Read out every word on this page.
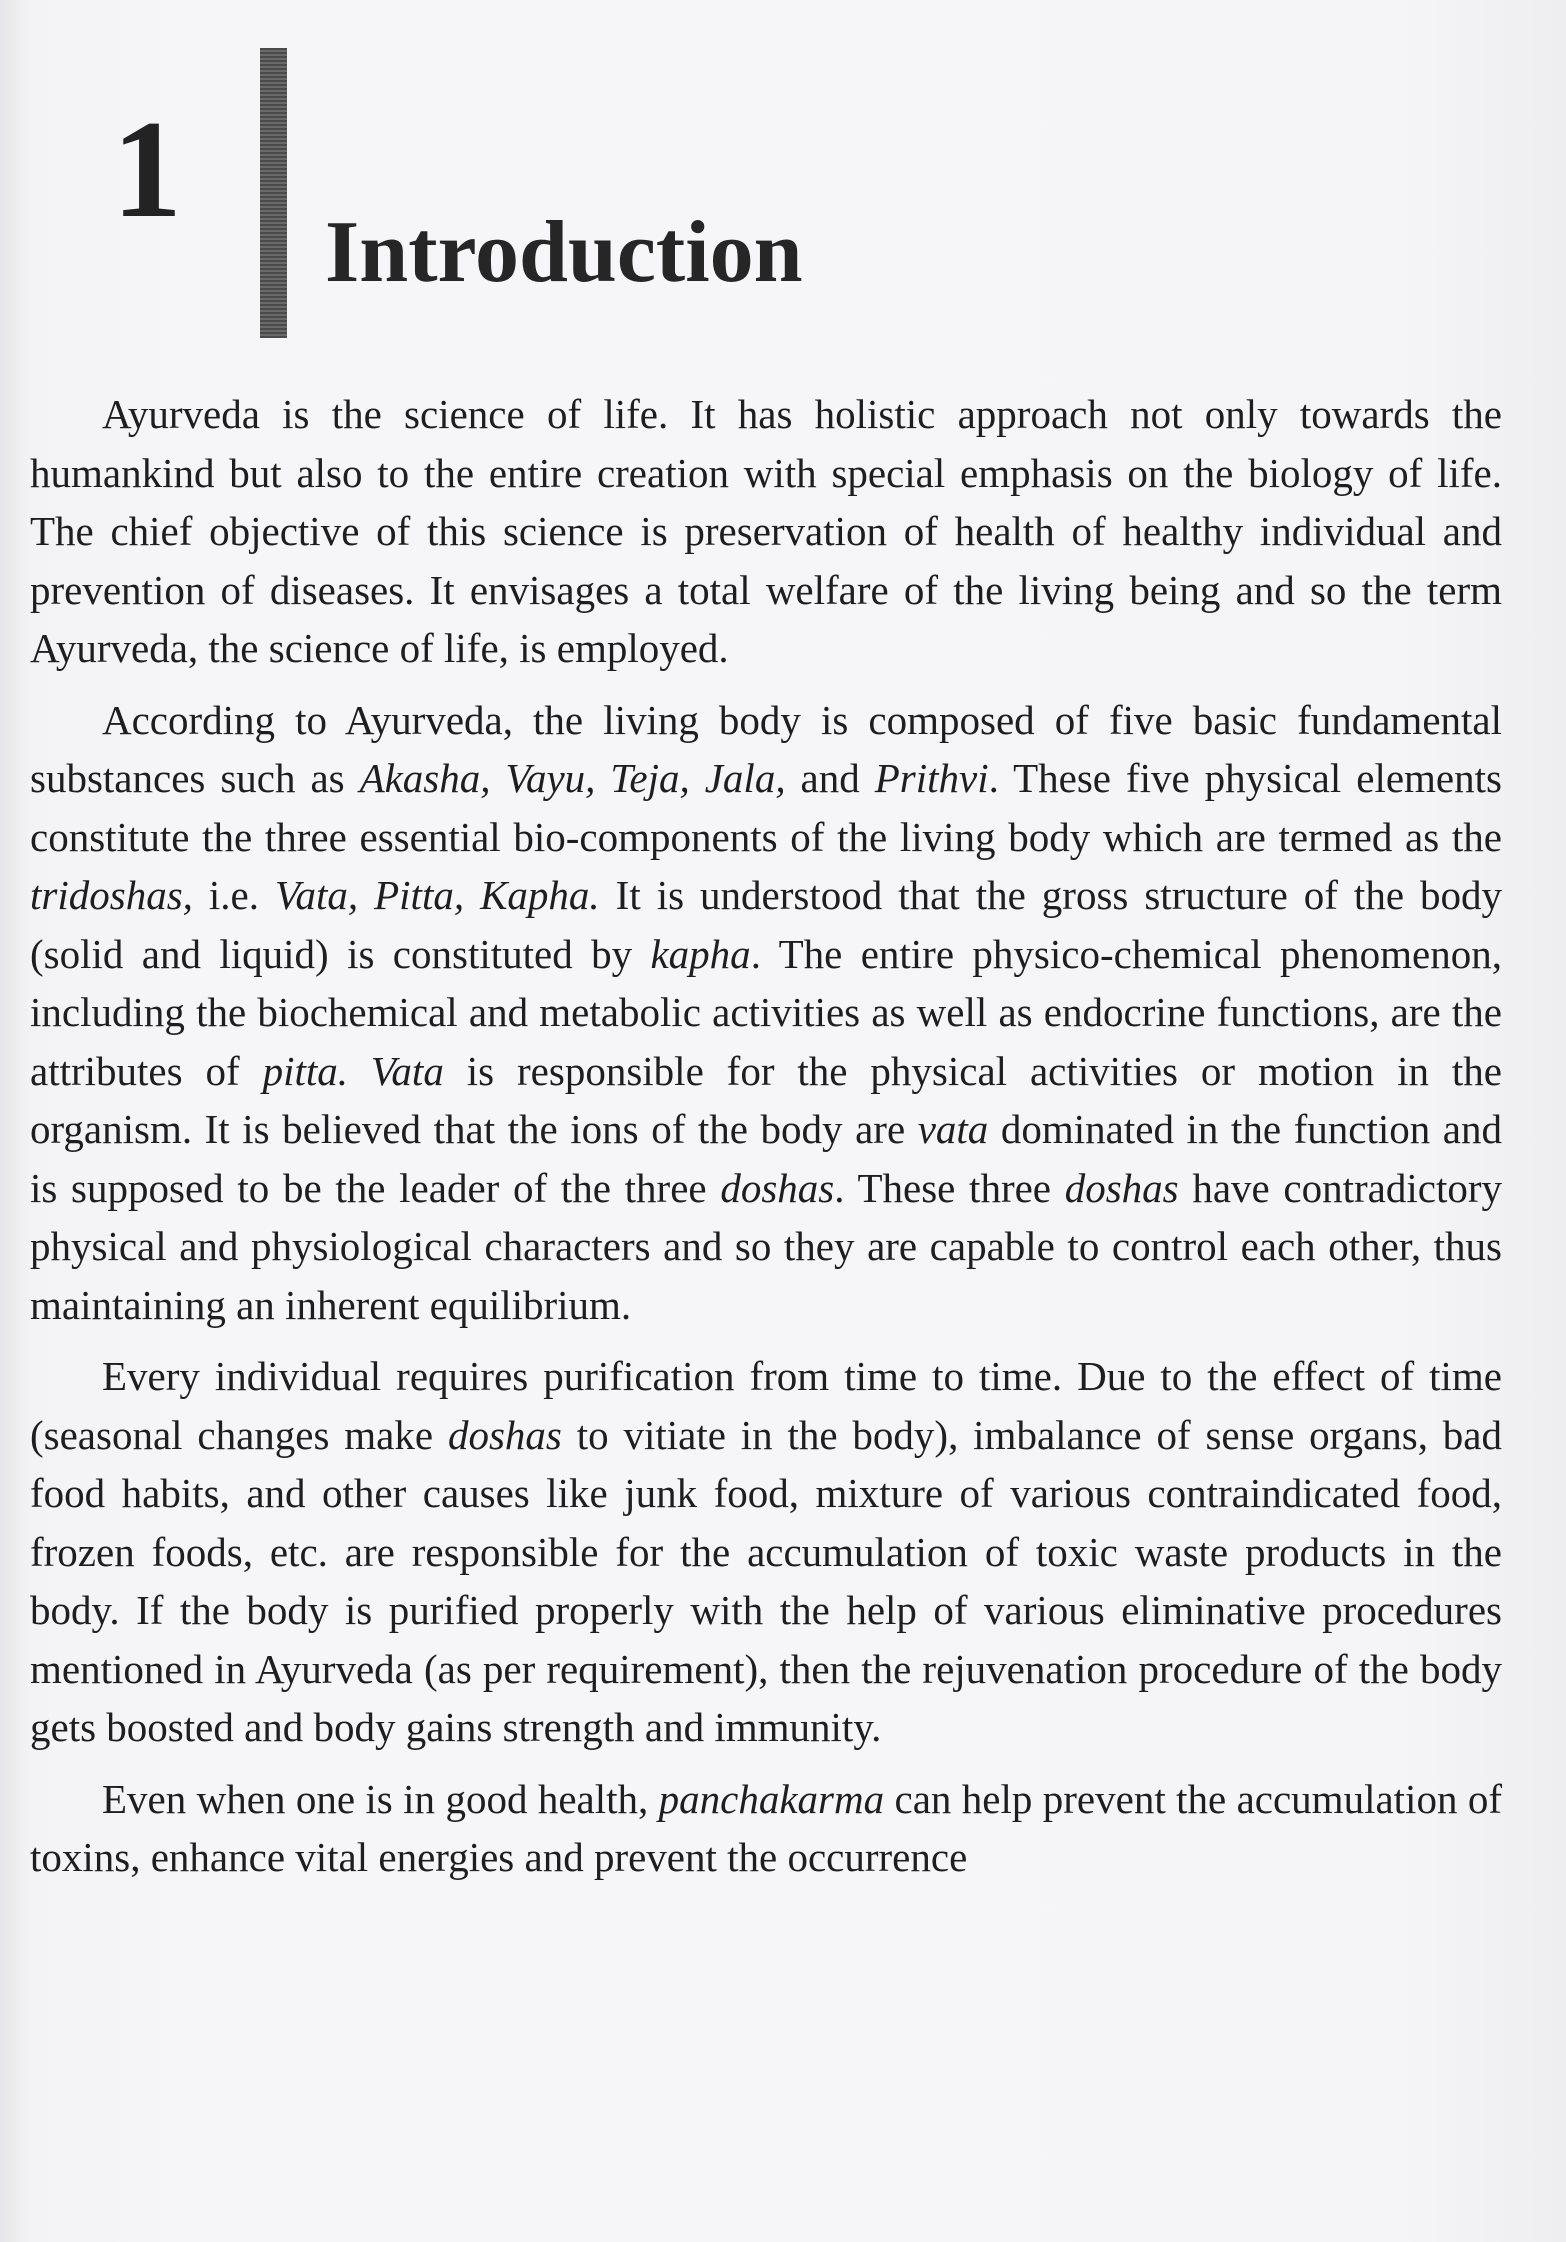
1
Introduction

Ayurveda is the science of life. It has holistic approach not only towards the humankind but also to the entire creation with special emphasis on the biology of life. The chief objective of this science is preservation of health of healthy individual and prevention of diseases. It envisages a total welfare of the living being and so the term Ayurveda, the science of life, is employed.

According to Ayurveda, the living body is composed of five basic fundamental substances such as Akasha, Vayu, Teja, Jala, and Prithvi. These five physical elements constitute the three essential bio-components of the living body which are termed as the tridoshas, i.e. Vata, Pitta, Kapha. It is understood that the gross structure of the body (solid and liquid) is constituted by kapha. The entire physico-chemical phenomenon, including the biochemical and metabolic activities as well as endocrine functions, are the attributes of pitta. Vata is responsible for the physical activities or motion in the organism. It is believed that the ions of the body are vata dominated in the function and is supposed to be the leader of the three doshas. These three doshas have contradictory physical and physiological characters and so they are capable to control each other, thus maintaining an inherent equilibrium.

Every individual requires purification from time to time. Due to the effect of time (seasonal changes make doshas to vitiate in the body), imbalance of sense organs, bad food habits, and other causes like junk food, mixture of various contraindicated food, frozen foods, etc. are responsible for the accumulation of toxic waste products in the body. If the body is purified properly with the help of various eliminative procedures mentioned in Ayurveda (as per requirement), then the rejuvenation procedure of the body gets boosted and body gains strength and immunity.

Even when one is in good health, panchakarma can help prevent the accumulation of toxins, enhance vital energies and prevent the occurrence
